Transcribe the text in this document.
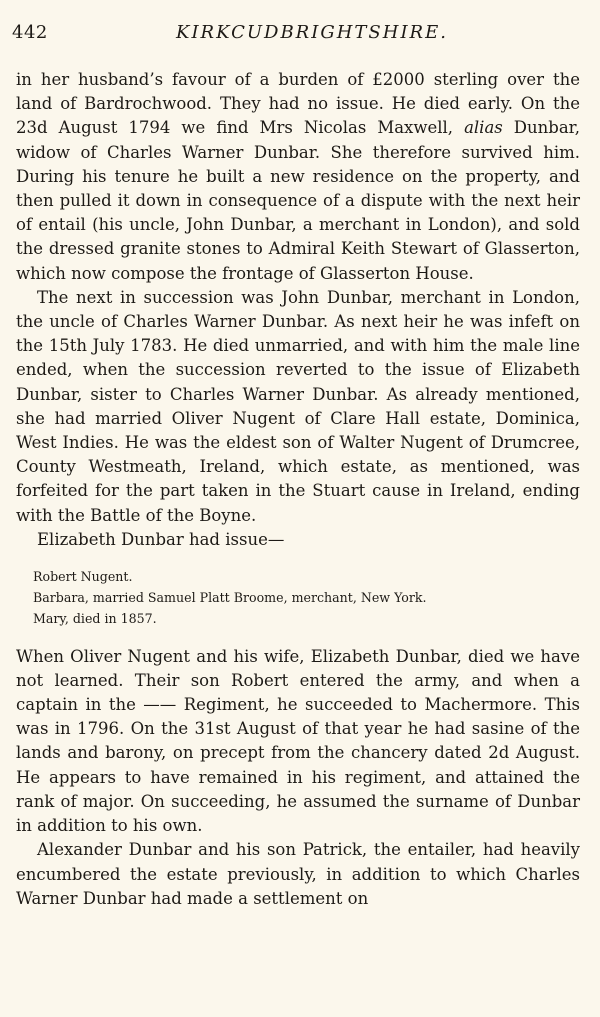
442	KIRKCUDBRIGHTSHIRE.

in her husband’s favour of a burden of £2000 sterling over the land of Bardrochwood. They had no issue. He died early. On the 23d August 1794 we find Mrs Nicolas Maxwell, alias Dunbar, widow of Charles Warner Dunbar. She therefore survived him. During his tenure he built a new residence on the property, and then pulled it down in consequence of a dispute with the next heir of entail (his uncle, John Dunbar, a merchant in London), and sold the dressed granite stones to Admiral Keith Stewart of Glasserton, which now compose the frontage of Glasserton House.

The next in succession was John Dunbar, merchant in London, the uncle of Charles Warner Dunbar. As next heir he was infeft on the 15th July 1783. He died unmarried, and with him the male line ended, when the succession reverted to the issue of Elizabeth Dunbar, sister to Charles Warner Dunbar. As already mentioned, she had married Oliver Nugent of Clare Hall estate, Dominica, West Indies. He was the eldest son of Walter Nugent of Drumcree, County Westmeath, Ireland, which estate, as mentioned, was forfeited for the part taken in the Stuart cause in Ireland, ending with the Battle of the Boyne.

Elizabeth Dunbar had issue—

Robert Nugent.
Barbara, married Samuel Platt Broome, merchant, New York.
Mary, died in 1857.

When Oliver Nugent and his wife, Elizabeth Dunbar, died we have not learned. Their son Robert entered the army, and when a captain in the —— Regiment, he succeeded to Machermore. This was in 1796. On the 31st August of that year he had sasine of the lands and barony, on precept from the chancery dated 2d August. He appears to have remained in his regiment, and attained the rank of major. On succeeding, he assumed the surname of Dunbar in addition to his own.

Alexander Dunbar and his son Patrick, the entailer, had heavily encumbered the estate previously, in addition to which Charles Warner Dunbar had made a settlement on
